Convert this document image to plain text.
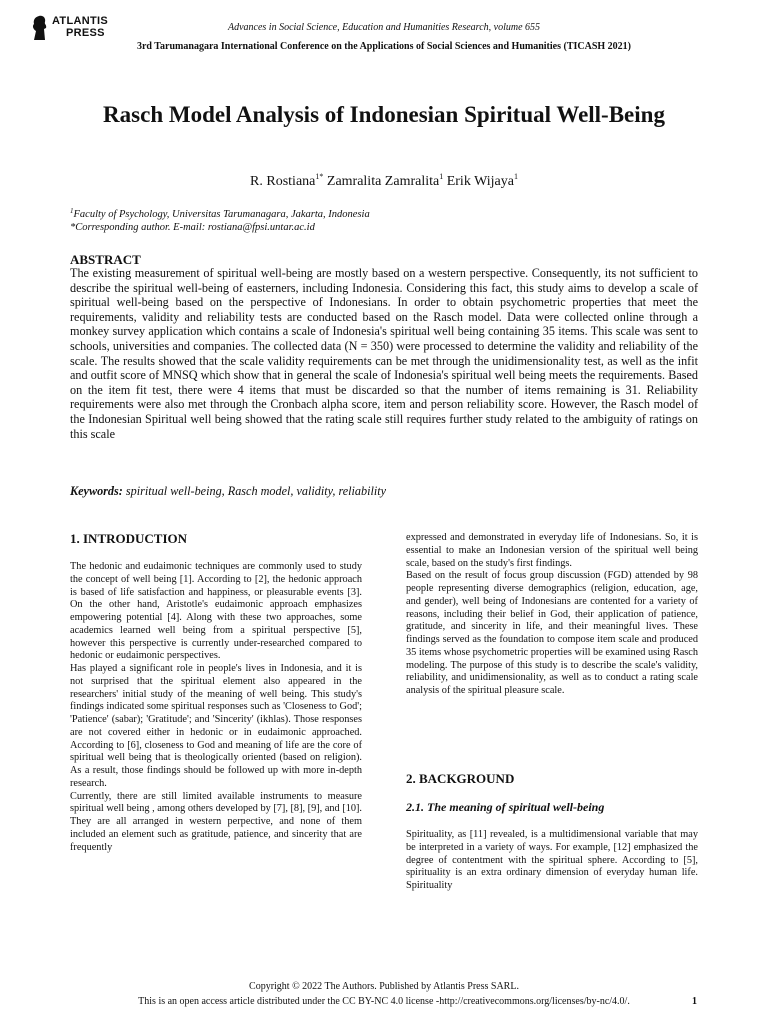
ATLANTIS
PRESS	Advances in Social Science, Education and Humanities Research, volume 655
3rd Tarumanagara International Conference on the Applications of Social Sciences and Humanities (TICASH 2021)
Rasch Model Analysis of Indonesian Spiritual Well-Being
R. Rostiana$^{1*}$ Zamralita Zamralita$^1$ Erik Wijaya$^1$
$^1$Faculty of Psychology, Universitas Tarumanagara, Jakarta, Indonesia
*Corresponding author. E-mail: rostiana@fpsi.untar.ac.id
ABSTRACT
The existing measurement of spiritual well-being are mostly based on a western perspective. Consequently, its not sufficient to describe the spiritual well-being of easterners, including Indonesia. Considering this fact, this study aims to develop a scale of spiritual well-being based on the perspective of Indonesians. In order to obtain psychometric properties that meet the requirements, validity and reliability tests are conducted based on the Rasch model. Data were collected online through a monkey survey application which contains a scale of Indonesia's spiritual well being containing 35 items. This scale was sent to schools, universities and companies. The collected data (N = 350) were processed to determine the validity and reliability of the scale. The results showed that the scale validity requirements can be met through the unidimensionality test, as well as the infit and outfit score of MNSQ which show that in general the scale of Indonesia's spiritual well being meets the requirements. Based on the item fit test, there were 4 items that must be discarded so that the number of items remaining is 31. Reliability requirements were also met through the Cronbach alpha score, item and person reliability score. However, the Rasch model of the Indonesian Spiritual well being showed that the rating scale still requires further study related to the ambiguity of ratings on this scale
Keywords: spiritual well-being, Rasch model, validity, reliability
1. INTRODUCTION

The hedonic and eudaimonic techniques are commonly used to study the concept of well being [1]. According to [2], the hedonic approach is based of life satisfaction and happiness, or pleasurable events [3]. On the other hand, Aristotle's eudaimonic approach emphasizes empowering potential [4]. Along with these two approaches, some academics learned well being from a spiritual perspective [5], however this perspective is currently under-researched compared to hedonic or eudaimonic perspectives.

Has played a significant role in people's lives in Indonesia, and it is not surprised that the spiritual element also appeared in the researchers' initial study of the meaning of well being. This study's findings indicated some spiritual responses such as 'Closeness to God'; 'Patience' (sabar); 'Gratitude'; and 'Sincerity' (ikhlas). Those responses are not covered either in hedonic or in eudaimonic approached. According to [6], closeness to God and meaning of life are the core of spiritual well being that is theologically oriented (based on religion). As a result, those findings should be followed up with more in-depth research.

Currently, there are still limited available instruments to measure spiritual well being , among others developed by [7], [8], [9], and [10]. They are all arranged in western perpective, and none of them included an element such as gratitude, patience, and sincerity that are frequently

expressed and demonstrated in everyday life of Indonesians. So, it is essential to make an Indonesian version of the spiritual well being scale, based on the study's first findings.

Based on the result of focus group discussion (FGD) attended by 98 people representing diverse demographics (religion, education, age, and gender), well being of Indonesians are contented for a variety of reasons, including their belief in God, their application of patience, gratitude, and sincerity in life, and their meaningful lives. These findings served as the foundation to compose item scale and produced 35 items whose psychometric properties will be examined using Rasch modeling. The purpose of this study is to describe the scale's validity, reliability, and unidimensionality, as well as to conduct a rating scale analysis of the spiritual pleasure scale.

2. BACKGROUND
2.1. The meaning of spiritual well-being
Spirituality, as [11] revealed, is a multidimensional variable that may be interpreted in a variety of ways. For example, [12] emphasized the degree of contentment with the spiritual sphere. According to [5], spirituality is an extra ordinary dimension of everyday human life. Spirituality
Copyright © 2022 The Authors. Published by Atlantis Press SARL.
This is an open access article distributed under the CC BY-NC 4.0 license -http://creativecommons.org/licenses/by-nc/4.0/.	1
